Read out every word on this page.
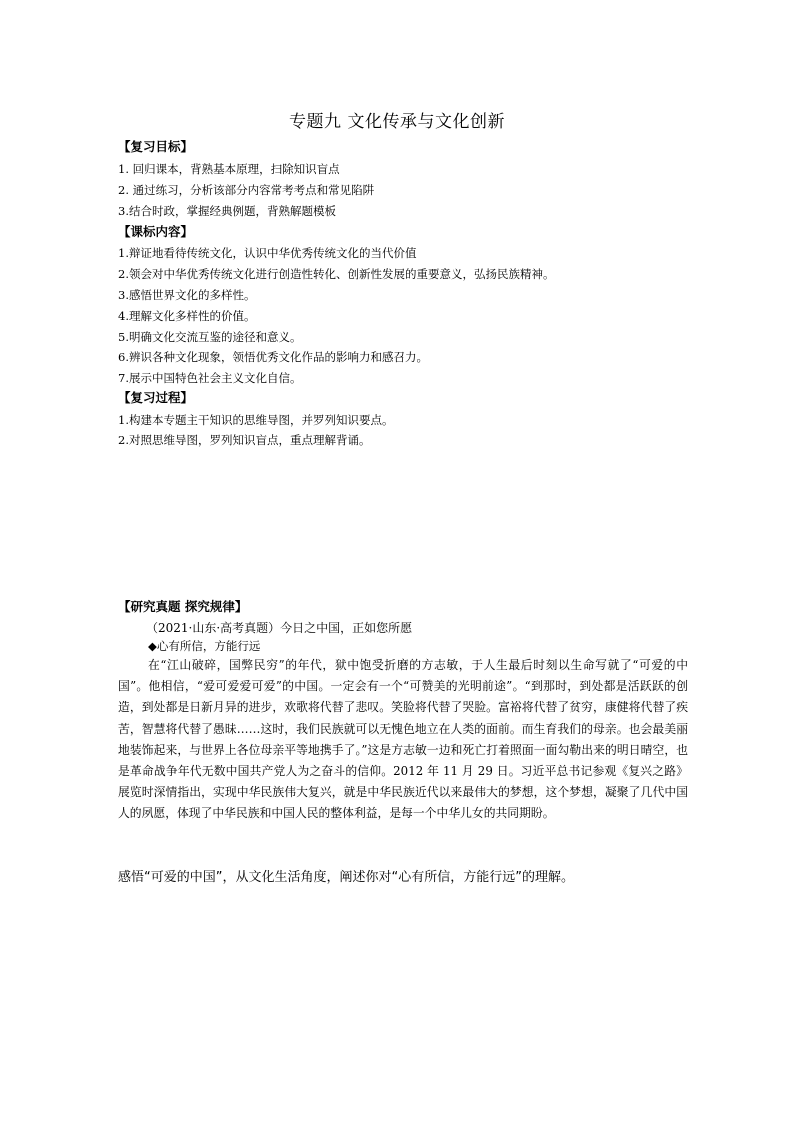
专题九 文化传承与文化创新
【复习目标】
1. 回归课本，背熟基本原理，扫除知识盲点
2. 通过练习，分析该部分内容常考考点和常见陷阱
3.结合时政，掌握经典例题，背熟解题模板
【课标内容】
1.辩证地看待传统文化，认识中华优秀传统文化的当代价值
2.领会对中华优秀传统文化进行创造性转化、创新性发展的重要意义，弘扬民族精神。
3.感悟世界文化的多样性。
4.理解文化多样性的价值。
5.明确文化交流互鉴的途径和意义。
6.辨识各种文化现象，领悟优秀文化作品的影响力和感召力。
7.展示中国特色社会主义文化自信。
【复习过程】
1.构建本专题主干知识的思维导图，并罗列知识要点。
2.对照思维导图，罗列知识盲点，重点理解背诵。
【研究真题 探究规律】
（2021·山东·高考真题）今日之中国，正如您所愿
◆心有所信，方能行远
在“江山破碎，国弊民穷”的年代，狱中饱受折磨的方志敏，于人生最后时刻以生命写就了“可爱的中国”。他相信，“爱可爱爱可爱”的中国。一定会有一个“可赞美的光明前途”。“到那时，到处都是活跃跃的创造，到处都是日新月异的进步，欢歌将代替了悲叹。笑脸将代替了哭脸。富裕将代替了贫穷，康健将代替了疾苦，智慧将代替了愚昧……这时，我们民族就可以无愧色地立在人类的面前。而生育我们的母亲。也会最美丽地装饰起来，与世界上各位母亲平等地携手了。”这是方志敏一边和死亡打着照面一面勾勒出来的明日晴空，也是革命战争年代无数中国共产党人为之奋斗的信仰。2012 年 11 月 29 日。习近平总书记参观《复兴之路》展览时深情指出，实现中华民族伟大复兴，就是中华民族近代以来最伟大的梦想，这个梦想，凝聚了几代中国人的夙愿，体现了中华民族和中国人民的整体利益，是每一个中华儿女的共同期盼。
感悟“可爱的中国”，从文化生活角度，阐述你对“心有所信，方能行远”的理解。
